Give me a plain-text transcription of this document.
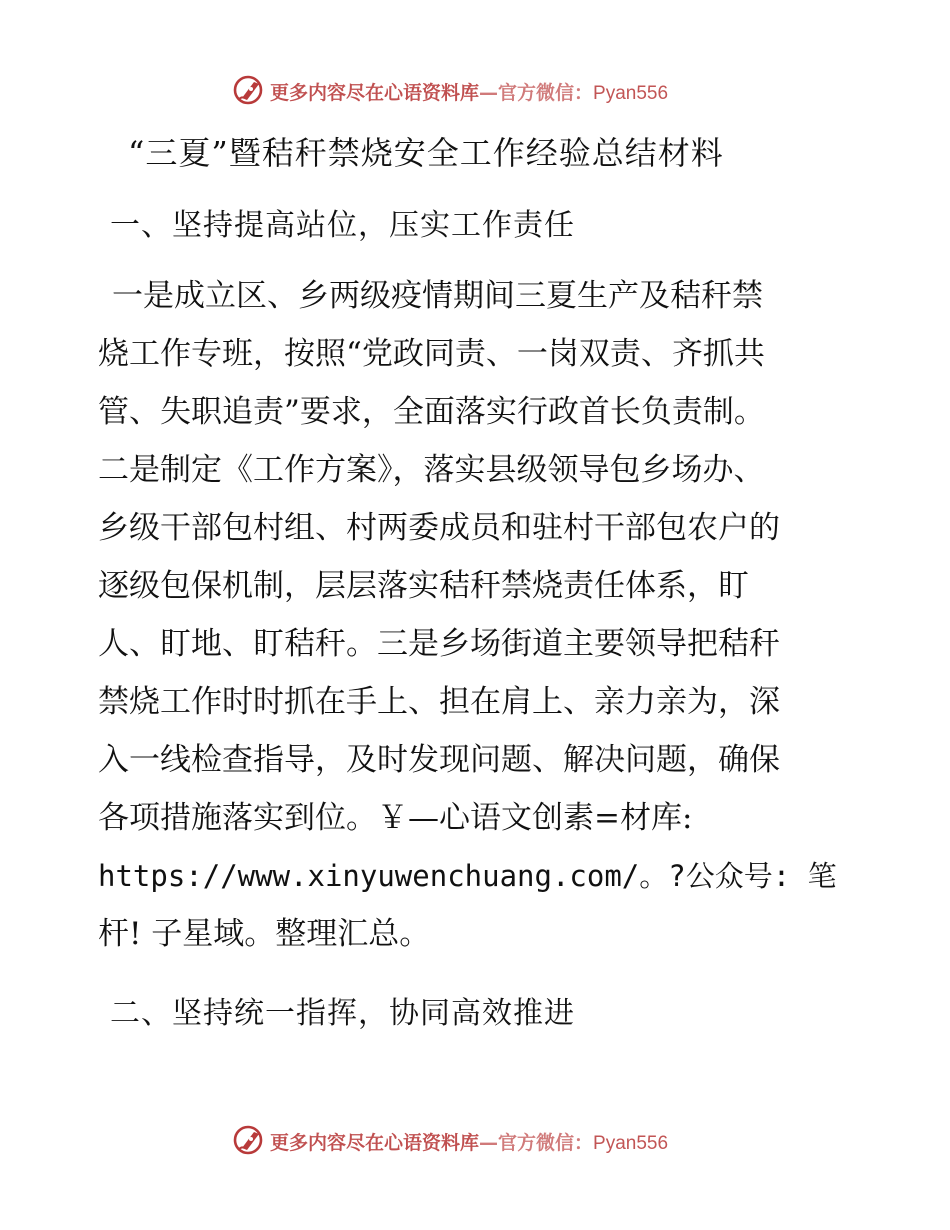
更多内容尽在心语资料库—官方微信：Pyan556
“三夏”暨秸秆禁烧安全工作经验总结材料
一、坚持提高站位，压实工作责任
一是成立区、乡两级疫情期间三夏生产及秸秆禁
烧工作专班，按照“党政同责、一岗双责、齐抓共
管、失职追责”要求，全面落实行政首长负责制。
二是制定《工作方案》，落实县级领导包乡场办、
乡级干部包村组、村两委成员和驻村干部包农户的
逐级包保机制，层层落实秸秆禁烧责任体系，盯
人、盯地、盯秸秆。三是乡场街道主要领导把秸秆
禁烧工作时时抓在手上、担在肩上、亲力亲为，深
入一线检查指导，及时发现问题、解决问题，确保
各项措施落实到位。￥—心语文创素=材库:
https://www.xinyuwenchuang.com/。?公众号: 笔
杆! 子星域。整理汇总。
二、坚持统一指挥，协同高效推进
更多内容尽在心语资料库—官方微信：Pyan556
